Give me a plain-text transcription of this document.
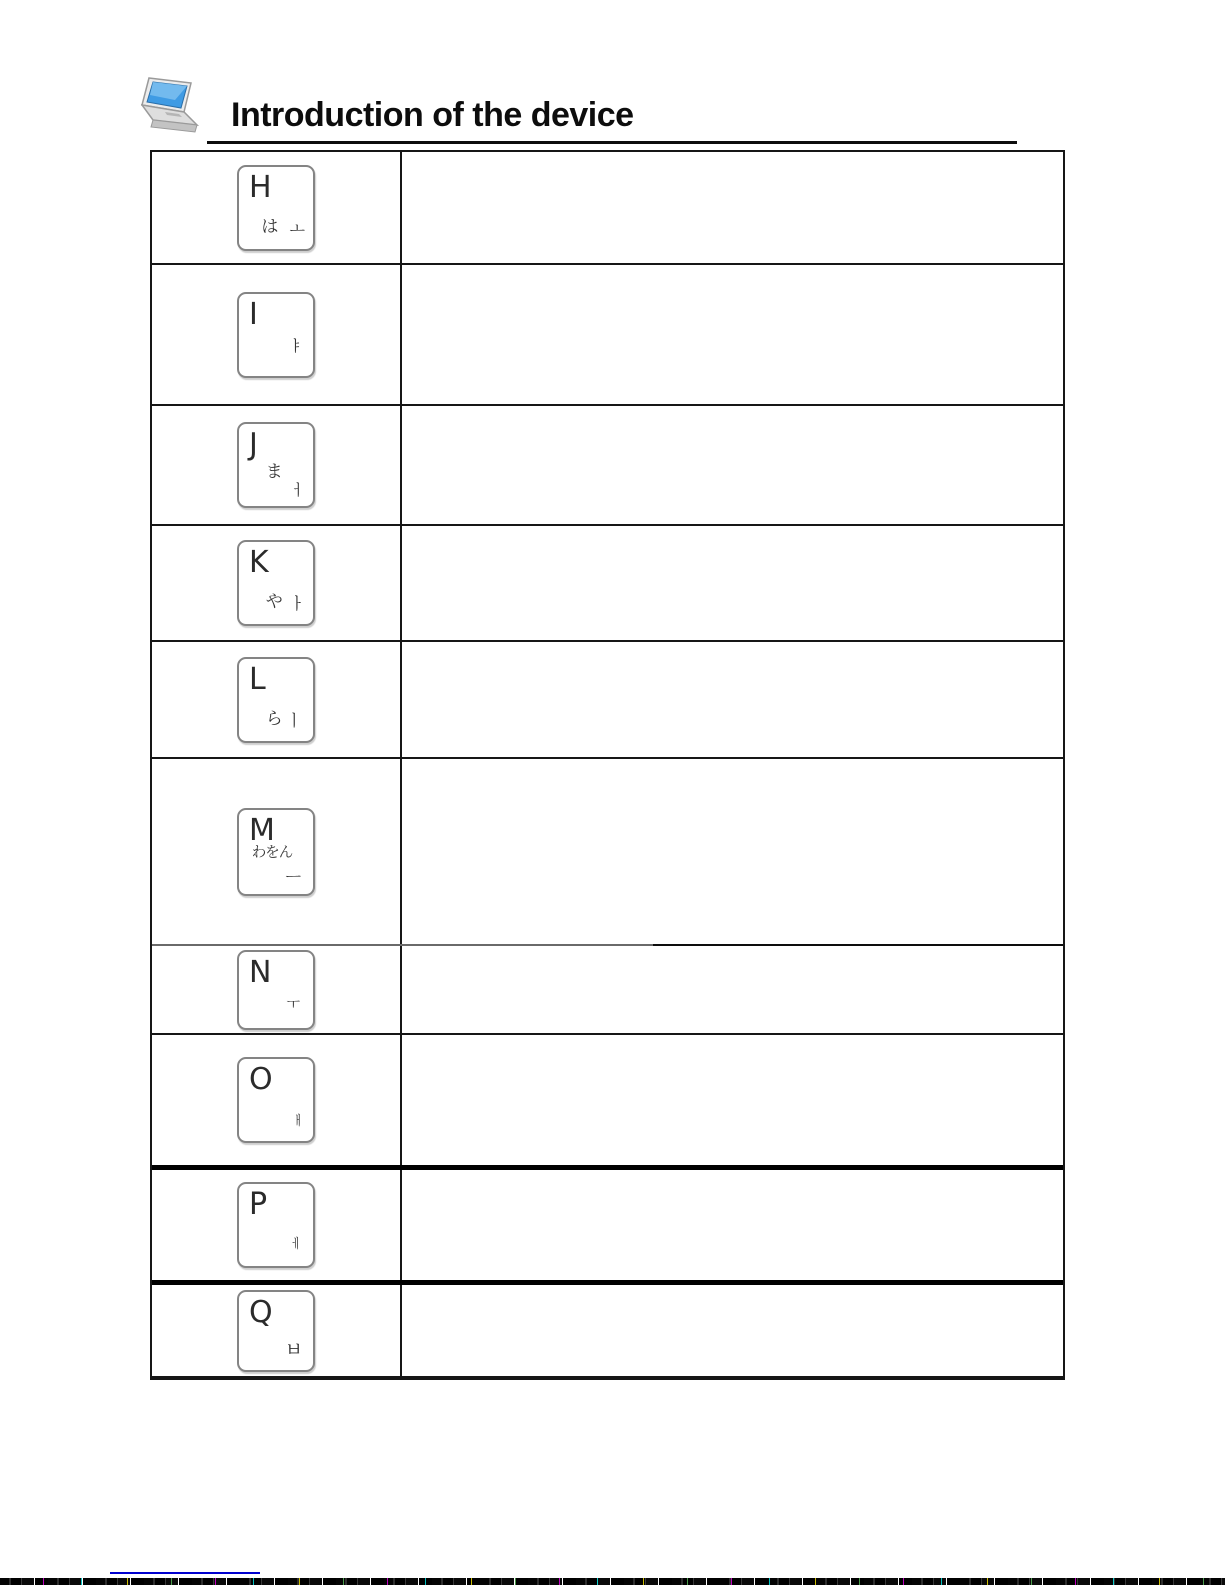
Introduction of the device
H
は ㅗ
I
ㅑ
J
ま
ㅓ
K
や ㅏ
L
ら ㅣ
M
わをん
ㅡ
N
ㅜ
O
ㅐ
P
ㅔ
Q
ㅂ
